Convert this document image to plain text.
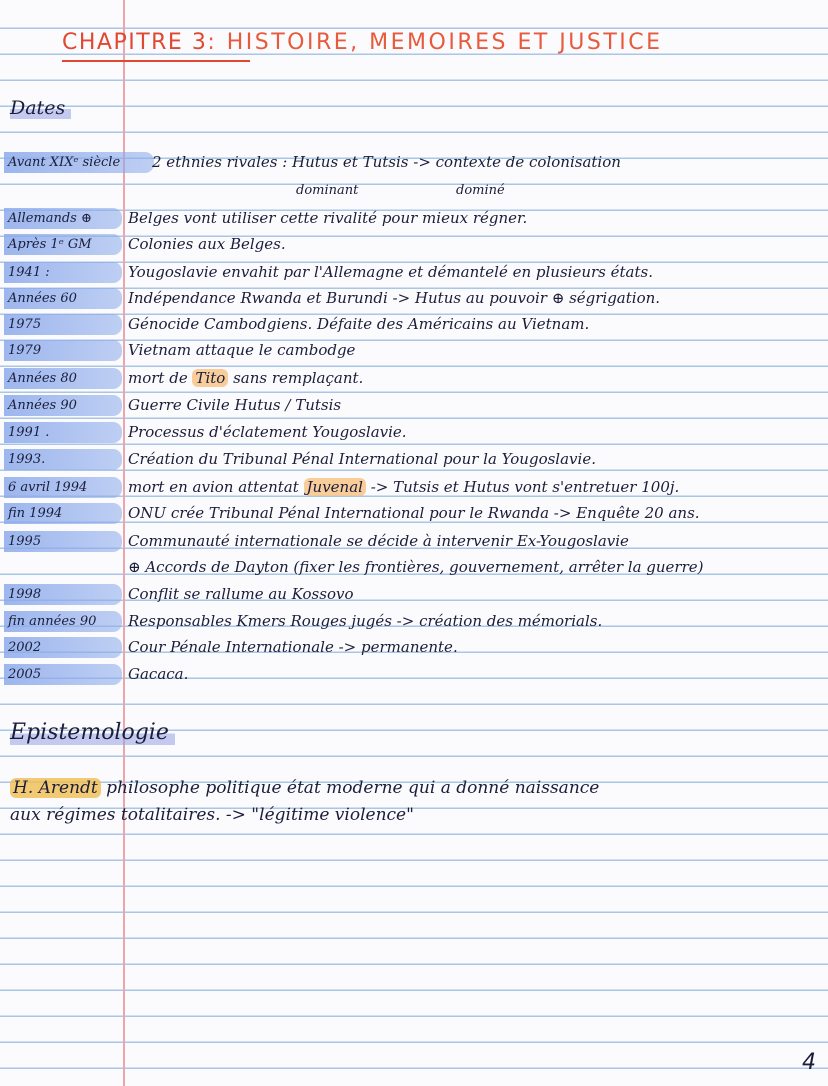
CHAPITRE 3: HISTOIRE, MEMOIRES ET JUSTICE
Dates
Avant XIXᵉ siècle	2 ethnies rivales : Hutus et Tutsis -> contexte de colonisation
Allemands ⊕	Belges vont utiliser cette rivalité pour mieux régner.
Après 1ᵉ GM	Colonies aux Belges.
1941 :	Yougoslavie envahit par l'Allemagne et démantelé en plusieurs états.
Années 60	Indépendance Rwanda et Burundi -> Hutus au pouvoir ⊕ ségrigation.
1975	Génocide Cambodgiens. Défaite des Américains au Vietnam.
1979	Vietnam attaque le cambodge
Années 80	mort de Tito sans remplaçant.
Années 90	Guerre Civile Hutus / Tutsis
1991 .	Processus d'éclatement Yougoslavie.
1993.	Création du Tribunal Pénal International pour la Yougoslavie.
6 avril 1994	mort en avion attentat Juvenal -> Tutsis et Hutus vont s'entretuer 100j.
fin 1994	ONU crée Tribunal Pénal International pour le Rwanda -> Enquête 20 ans.
1995	Communauté internationale se décide à intervenir Ex-Yougoslavie
⊕ Accords de Dayton (fixer les frontières, gouvernement, arrêter la guerre)
1998	Conflit se rallume au Kossovo
fin années 90	Responsables Kmers Rouges jugés -> création des mémorials.
2002	Cour Pénale Internationale -> permanente.
2005	Gacaca.
dominant	dominé
Epistemologie
H. Arendt philosophe politique état moderne qui a donné naissance
aux régimes totalitaires. -> "légitime violence"
4
